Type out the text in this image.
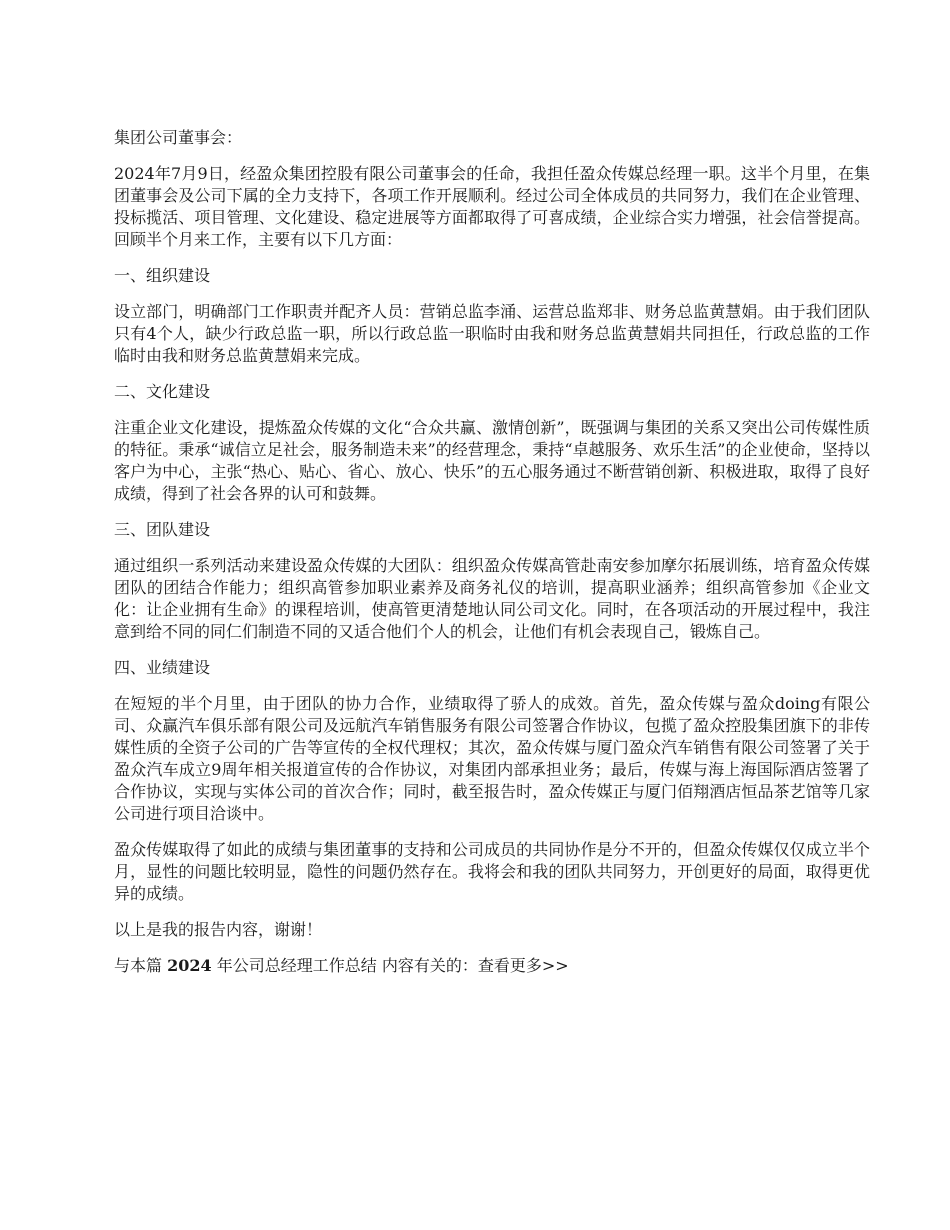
集团公司董事会：

2024年7月9日，经盈众集团控股有限公司董事会的任命，我担任盈众传媒总经理一职。这半个月里，在集团董事会及公司下属的全力支持下，各项工作开展顺利。经过公司全体成员的共同努力，我们在企业管理、投标揽活、项目管理、文化建设、稳定进展等方面都取得了可喜成绩，企业综合实力增强，社会信誉提高。回顾半个月来工作，主要有以下几方面：

一、组织建设

设立部门，明确部门工作职责并配齐人员：营销总监李涌、运营总监郑非、财务总监黄慧娟。由于我们团队只有4个人，缺少行政总监一职，所以行政总监一职临时由我和财务总监黄慧娟共同担任，行政总监的工作临时由我和财务总监黄慧娟来完成。

二、文化建设

注重企业文化建设，提炼盈众传媒的文化“合众共赢、激情创新”，既强调与集团的关系又突出公司传媒性质的特征。秉承“诚信立足社会，服务制造未来”的经营理念，秉持“卓越服务、欢乐生活”的企业使命，坚持以客户为中心，主张“热心、贴心、省心、放心、快乐”的五心服务通过不断营销创新、积极进取，取得了良好成绩，得到了社会各界的认可和鼓舞。

三、团队建设

通过组织一系列活动来建设盈众传媒的大团队：组织盈众传媒高管赴南安参加摩尔拓展训练，培育盈众传媒团队的团结合作能力；组织高管参加职业素养及商务礼仪的培训，提高职业涵养；组织高管参加《企业文化：让企业拥有生命》的课程培训，使高管更清楚地认同公司文化。同时，在各项活动的开展过程中，我注意到给不同的同仁们制造不同的又适合他们个人的机会，让他们有机会表现自己，锻炼自己。

四、业绩建设

在短短的半个月里，由于团队的协力合作，业绩取得了骄人的成效。首先，盈众传媒与盈众doing有限公司、众赢汽车俱乐部有限公司及远航汽车销售服务有限公司签署合作协议，包揽了盈众控股集团旗下的非传媒性质的全资子公司的广告等宣传的全权代理权；其次，盈众传媒与厦门盈众汽车销售有限公司签署了关于盈众汽车成立9周年相关报道宣传的合作协议，对集团内部承担业务；最后，传媒与海上海国际酒店签署了合作协议，实现与实体公司的首次合作；同时，截至报告时，盈众传媒正与厦门佰翔酒店恒品茶艺馆等几家公司进行项目洽谈中。

盈众传媒取得了如此的成绩与集团董事的支持和公司成员的共同协作是分不开的，但盈众传媒仅仅成立半个月，显性的问题比较明显，隐性的问题仍然存在。我将会和我的团队共同努力，开创更好的局面，取得更优异的成绩。

以上是我的报告内容，谢谢！

与本篇 2024 年公司总经理工作总结 内容有关的：查看更多>>
